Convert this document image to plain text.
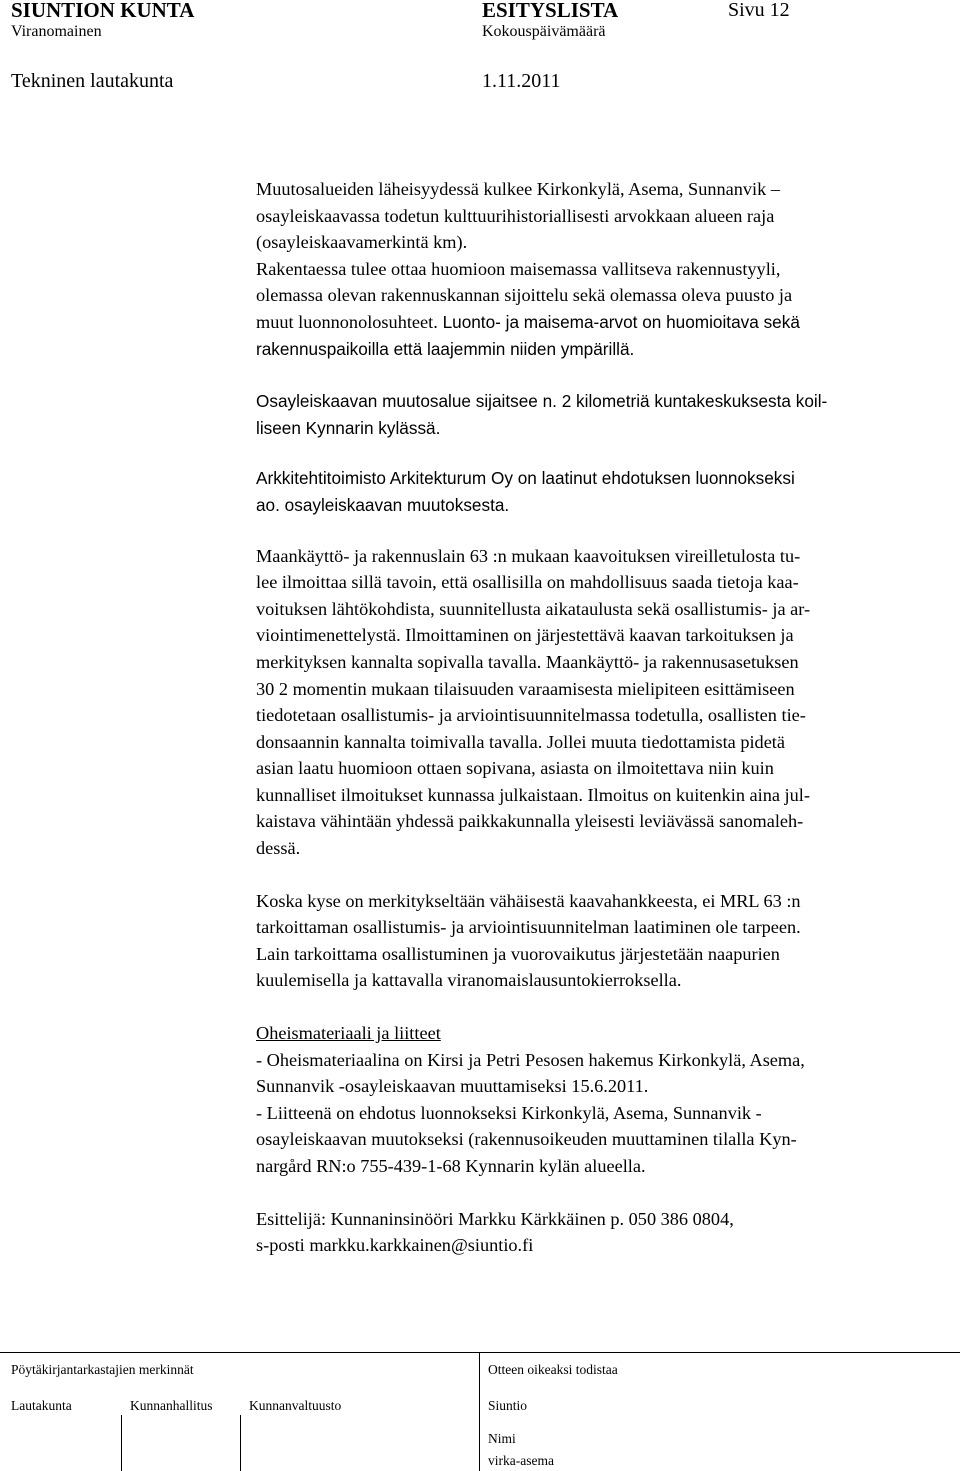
SIUNTION KUNTA	ESITYSLISTA	Sivu 12
Viranomainen	Kokouspäivämäärä
Tekninen lautakunta	1.11.2011

Muutosalueiden läheisyydessä kulkee Kirkonkylä, Asema, Sunnanvik –
osayleiskaavassa todetun kulttuurihistoriallisesti arvokkaan alueen raja
(osayleiskaavamerkintä km).
Rakentaessa tulee ottaa huomioon maisemassa vallitseva rakennustyyli,
olemassa olevan rakennuskannan sijoittelu sekä olemassa oleva puusto ja
muut luonnonolosuhteet. Luonto- ja maisema-arvot on huomioitava sekä
rakennuspaikoilla että laajemmin niiden ympärillä.

Osayleiskaavan muutosalue sijaitsee n. 2 kilometriä kuntakeskuksesta koil-
liseen Kynnarin kylässä.

Arkkitehtitoimisto Arkitekturum Oy on laatinut ehdotuksen luonnokseksi
ao. osayleiskaavan muutoksesta.

Maankäyttö- ja rakennuslain 63 :n mukaan kaavoituksen vireilletulosta tu-
lee ilmoittaa sillä tavoin, että osallisilla on mahdollisuus saada tietoja kaa-
voituksen lähtökohdista, suunnitellusta aikataulusta sekä osallistumis- ja ar-
viointimenettelystä. Ilmoittaminen on järjestettävä kaavan tarkoituksen ja
merkityksen kannalta sopivalla tavalla. Maankäyttö- ja rakennusasetuksen
30 2 momentin mukaan tilaisuuden varaamisesta mielipiteen esittämiseen
tiedotetaan osallistumis- ja arviointisuunnitelmassa todetulla, osallisten tie-
donsaannin kannalta toimivalla tavalla. Jollei muuta tiedottamista pidetä
asian laatu huomioon ottaen sopivana, asiasta on ilmoitettava niin kuin
kunnalliset ilmoitukset kunnassa julkaistaan. Ilmoitus on kuitenkin aina jul-
kaistava vähintään yhdessä paikkakunnalla yleisesti leviävässä sanomaleh-
dessä.

Koska kyse on merkitykseltään vähäisestä kaavahankkeesta, ei MRL 63 :n
tarkoittaman osallistumis- ja arviointisuunnitelman laatiminen ole tarpeen.
Lain tarkoittama osallistuminen ja vuorovaikutus järjestetään naapurien
kuulemisella ja kattavalla viranomaislausuntokierroksella.

Oheismateriaali ja liitteet
- Oheismateriaalina on Kirsi ja Petri Pesosen hakemus Kirkonkylä, Asema,
Sunnanvik -osayleiskaavan muuttamiseksi 15.6.2011.
- Liitteenä on ehdotus luonnokseksi Kirkonkylä, Asema, Sunnanvik -
osayleiskaavan muutokseksi (rakennusoikeuden muuttaminen tilalla Kyn-
nargård RN:o 755-439-1-68 Kynnarin kylän alueella.

Esittelijä: Kunnaninsinööri Markku Kärkkäinen p. 050 386 0804,
s-posti markku.karkkainen@siuntio.fi

Pöytäkirjantarkastajien merkinnät	Otteen oikeaksi todistaa
Lautakunta	Kunnanhallitus	Kunnanvaltuusto	Siuntio
Nimi
virka-asema
